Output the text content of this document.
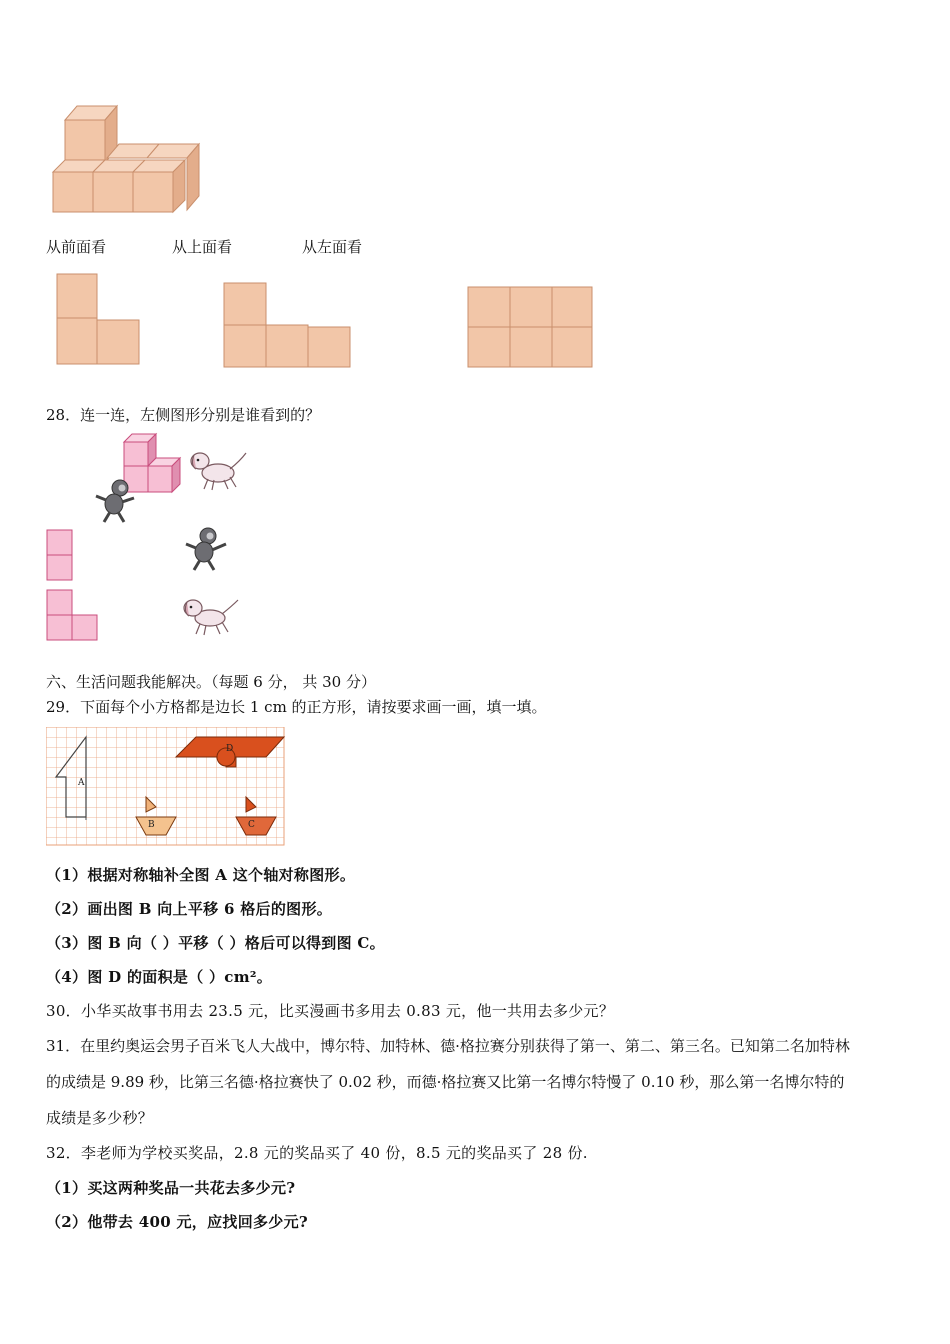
从前面看	从上面看	从左面看
28．连一连，左侧图形分别是谁看到的？
六、生活问题我能解决。（每题 6 分， 共 30 分）
29．下面每个小方格都是边长 1 cm 的正方形，请按要求画一画，填一填。
A
D
B	C
（1）根据对称轴补全图 A 这个轴对称图形。
（2）画出图 B 向上平移 6 格后的图形。
（3）图 B 向（ ）平移（ ）格后可以得到图 C。
（4）图 D 的面积是（ ）cm²。
30．小华买故事书用去 23.5 元，比买漫画书多用去 0.83 元，他一共用去多少元？
31．在里约奥运会男子百米飞人大战中，博尔特、加特林、德·格拉赛分别获得了第一、第二、第三名。已知第二名加特林
的成绩是 9.89 秒，比第三名德·格拉赛快了 0.02 秒，而德·格拉赛又比第一名博尔特慢了 0.10 秒，那么第一名博尔特的
成绩是多少秒？
32．李老师为学校买奖品，2.8 元的奖品买了 40 份，8.5 元的奖品买了 28 份.
（1）买这两种奖品一共花去多少元?
（2）他带去 400 元，应找回多少元?
